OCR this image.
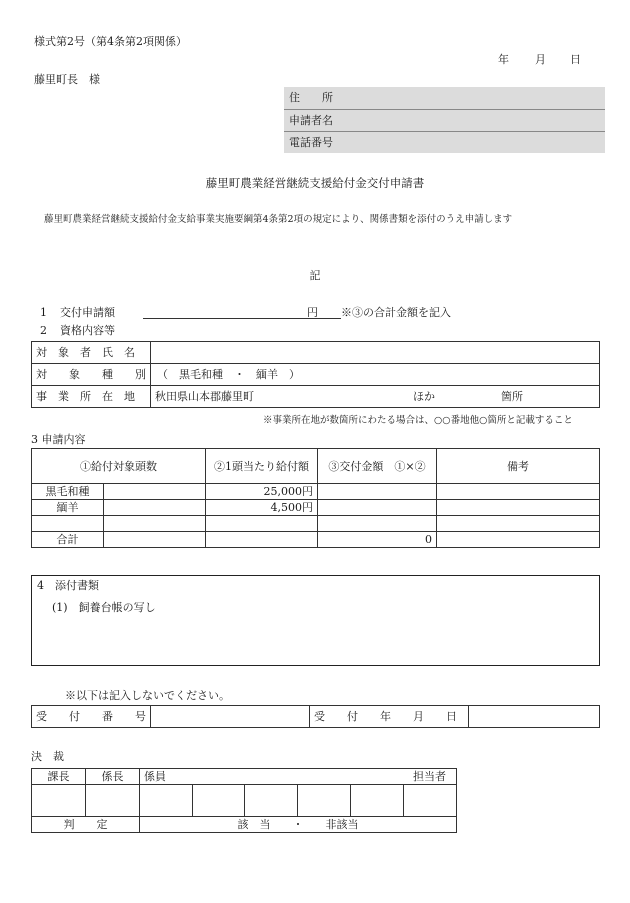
様式第2号（第4条第2項関係）
年 月 日
藤里町長　様
住　　所
申請者名
電話番号
藤里町農業経営継続支援給付金交付申請書
藤里町農業経営継続支援給付金支給事業実施要綱第4条第2項の規定により、関係書類を添付のうえ申請します
記
1 交付申請額	円 ※③の合計金額を記入
2 資格内容等
対　象　者　氏　名			
対　　象　　種　　別	（　黒毛和種　・　緬羊　）		
事　業　所　在　地	秋田県山本郡藤里町	ほか	箇所
※事業所在地が数箇所にわたる場合は、○○番地他○箇所と記載すること
3 申請内容
①給付対象頭数		②1頭当たり給付額	③交付金額　①×②	備考
黒毛和種		25,000円		
緬羊		4,500円		

合計			0	
4　添付書類
(1)　飼養台帳の写し
※以下は記入しないでください。
受　　付　　番　　号		受　　付　　年　　月　　日	
決　裁
課長	係長	係員					担当者

判　　定		該　当　　・　　非該当					
